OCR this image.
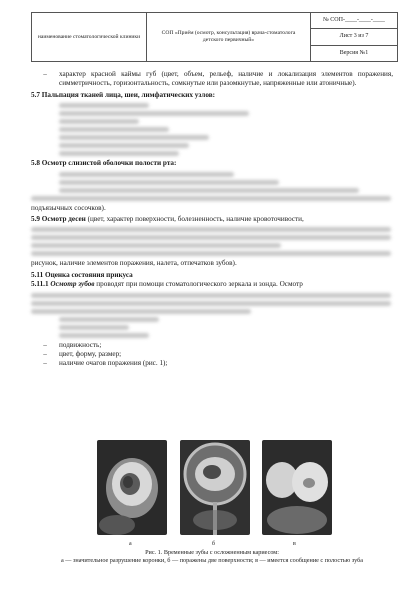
наименование стоматологической клиники
СОП «Приём (осмотр, консультация) врача-стоматолога детского первичный»
№ СОП-____-____-____
Лист 3 из 7
Версия №1
–	характер красной каймы губ (цвет, объем, рельеф, наличие и локализация элементов поражения, симметричность, горизонтальность, сомкнутые или разомкнутые, напряженные или атоничные).
5.7 Пальпация тканей лица, шеи, лимфатических узлов:
5.8 Осмотр слизистой оболочки полости рта:
подъязычных сосочков).
5.9 Осмотр десен (цвет, характер поверхности, болезненность, наличие кровоточивости,
рисунок, наличие элементов поражения, налета, отпечатков зубов).
5.11 Оценка состояния прикуса
5.11.1 Осмотр зубов проводят при помощи стоматологического зеркала и зонда. Осмотр
–	подвижность;
–	цвет, форму, размер;
–	наличие очагов поражения (рис. 1);
а	б	в
Рис. 1. Временные зубы с осложненным кариесом:
а — значительное разрушение коронки, б — поражены две поверхности; в — имеется сообщение с полостью зуба
